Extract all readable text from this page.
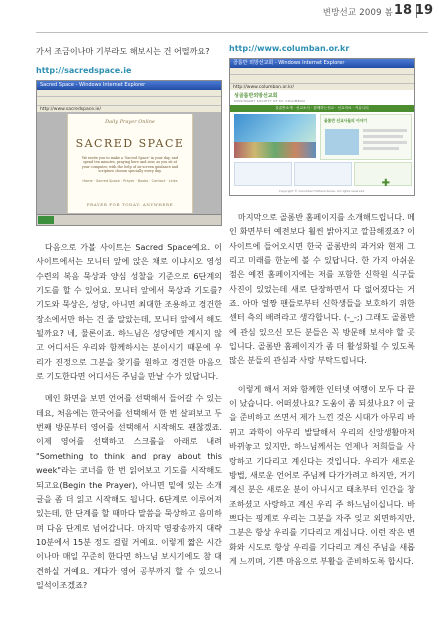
변방선교 2009 봄 18 19

가서 조금이나마 기부라도 해보시는 건 어떨까요?

http://sacredspace.ie
Sacred Space - Windows Internet Explorer
http://www.sacredspace.ie/
Daily Prayer Online
SACRED SPACE
We invite you to make a 'Sacred Space' in your day, and spend ten minutes, praying here and now, as you sit at your computer, with the help of on-screen guidance and scripture chosen specially every day.
Home · Sacred Space · Prayer · Books · Contact · Links
PRAYER FOR TODAY: ANYWHERE

다음으로 가볼 사이트는 Sacred Space예요. 이 사이트에서는 모니터 앞에 앉은 채로 이냐시오 영성 수련의 복음 묵상과 양심 성찰을 기준으로 6단계의 기도를 할 수 있어요. 모니터 앞에서 묵상과 기도를? 기도와 묵상은, 성당, 아니면 최대한 조용하고 경건한 장소에서만 하는 건 줄 알았는데, 모니터 앞에서 해도 될까요? 네, 물론이죠. 하느님은 성당에만 계시지 않고 어디서든 우리와 함께하시는 분이시기 때문에 우리가 진정으로 그분을 찾기를 원하고 경건한 마음으로 기도한다면 어디서든 주님을 만날 수가 있답니다.

메인 화면을 보면 언어를 선택해서 들어갈 수 있는데요, 처음에는 한국어를 선택해서 한 번 살펴보고 두 번째 방문부터 영어를 선택해서 시작해도 괜찮겠죠. 이제 영어를 선택하고 스크롤을 아래로 내려 "Something to think and pray about this week"라는 코너를 한 번 읽어보고 기도를 시작해도 되고요(Begin the Prayer), 아니면 밑에 있는 소개 글을 좀 더 읽고 시작해도 됩니다. 6단계로 이루어져 있는데, 한 단계를 할 때마다 말씀을 묵상하고 음미하며 다음 단계로 넘어갑니다. 마지막 영광송까지 대략 10분에서 15분 정도 걸릴 거예요. 이렇게 짧은 시간이나마 매일 꾸준히 한다면 하느님 보시기에도 참 대견하실 거예요. 게다가 영어 공부까지 할 수 있으니 일석이조겠죠?

http://www.columban.or.kr
골롬반 외방선교회 - Windows Internet Explorer
http://www.columban.or.kr/
성골롬반외방선교회
MISSIONARY SOCIETY OF ST. COLUMBAN
골롬반소개 · 선교소식 · 함께하는선교 · 선교자료 · 커뮤니티
골롬반 선교사들의 이야기
Copyright © Columban Fathers Korea. All rights reserved.
✚

마지막으로 골롬반 홈페이지를 소개해드립니다. 메인 화면부터 예전보다 훨씬 밝아지고 깔끔해졌죠? 이 사이트에 들어오시면 한국 골롬반의 과거와 현재 그리고 미래를 한눈에 볼 수 있답니다. 한 가지 아쉬운 점은 예전 홈페이지에는 저를 포함한 신학원 식구들 사진이 있었는데 새로 단장하면서 다 없어졌다는 거죠. 아마 얼짱 팬들로부터 신학생들을 보호하기 위한 센터 측의 배려라고 생각합니다. (-_-;) 그래도 골롬반에 관심 있으신 모든 분들은 꼭 방문해 보셔야 할 곳입니다. 골롬반 홈페이지가 좀 더 활성화될 수 있도록 많은 분들의 관심과 사랑 부탁드립니다.

이렇게 해서 저와 함께한 인터넷 여행이 모두 다 끝이 났습니다. 어떠셨나요? 도움이 좀 되셨나요? 이 글을 준비하고 쓰면서 제가 느낀 것은 시대가 아무리 바뀌고 과학이 아무리 발달해서 우리의 신앙생활마저 바뀌놓고 있지만, 하느님께서는 언제나 저희들을 사랑하고 기다리고 계신다는 것입니다. 우리가 새로운 방법, 새로운 언어로 주님께 다가가려고 하지만, 거기 계신 분은 새로운 분이 아니시고 태초부터 인간을 창조하셨고 사랑하고 계신 우리 주 하느님이십니다. 바쁘다는 핑계로 우리는 그분을 자주 잊고 외면하지만, 그분은 항상 우리를 기다리고 계십니다. 이런 작은 변화와 시도로 항상 우리를 기다리고 계신 주님을 새롭게 느끼며, 기쁜 마음으로 부활을 준비하도록 합시다.
